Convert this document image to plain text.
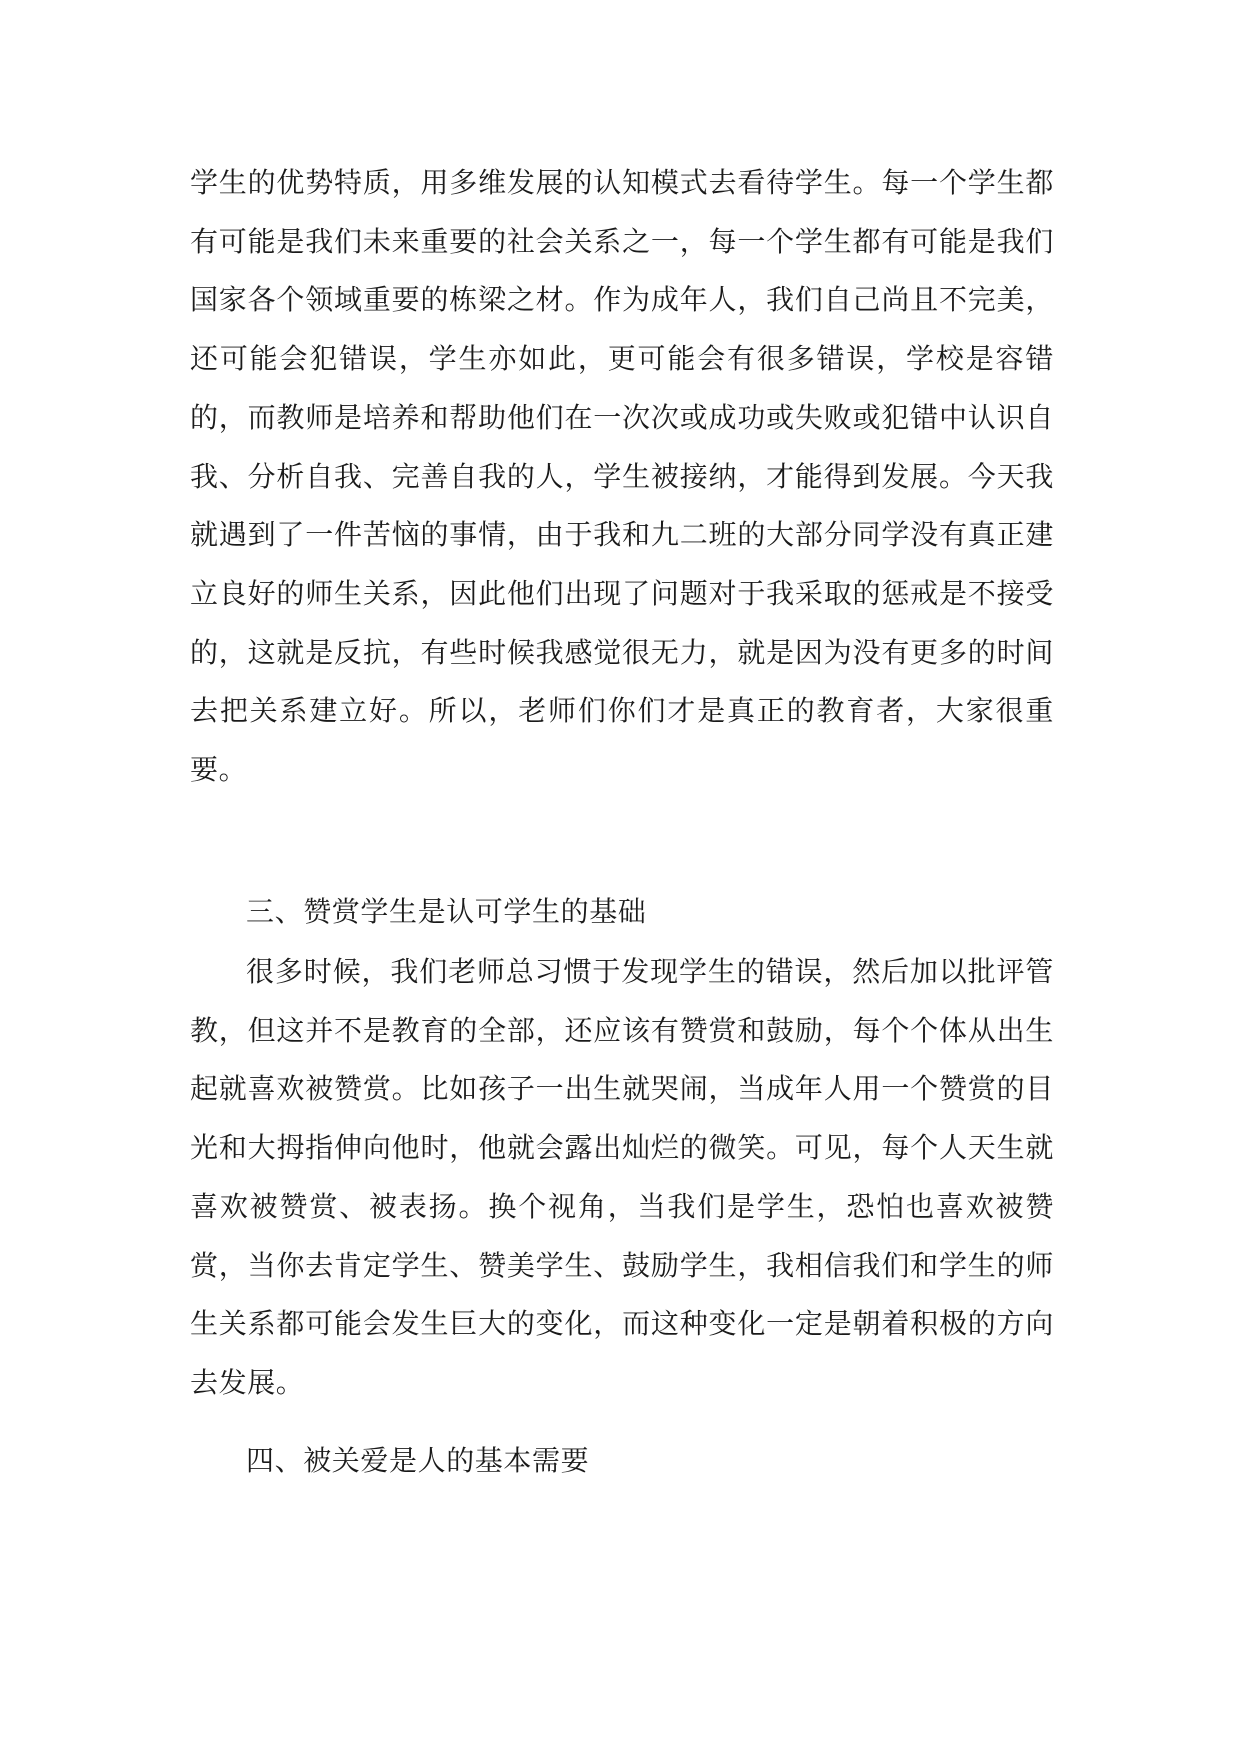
学生的优势特质，用多维发展的认知模式去看待学生。每一个学生都有可能是我们未来重要的社会关系之一，每一个学生都有可能是我们国家各个领域重要的栋梁之材。作为成年人，我们自己尚且不完美，还可能会犯错误，学生亦如此，更可能会有很多错误，学校是容错的，而教师是培养和帮助他们在一次次或成功或失败或犯错中认识自我、分析自我、完善自我的人，学生被接纳，才能得到发展。今天我就遇到了一件苦恼的事情，由于我和九二班的大部分同学没有真正建立良好的师生关系，因此他们出现了问题对于我采取的惩戒是不接受的，这就是反抗，有些时候我感觉很无力，就是因为没有更多的时间去把关系建立好。所以，老师们你们才是真正的教育者，大家很重要。

三、赞赏学生是认可学生的基础

很多时候，我们老师总习惯于发现学生的错误，然后加以批评管教，但这并不是教育的全部，还应该有赞赏和鼓励，每个个体从出生起就喜欢被赞赏。比如孩子一出生就哭闹，当成年人用一个赞赏的目光和大拇指伸向他时，他就会露出灿烂的微笑。可见，每个人天生就喜欢被赞赏、被表扬。换个视角，当我们是学生，恐怕也喜欢被赞赏，当你去肯定学生、赞美学生、鼓励学生，我相信我们和学生的师生关系都可能会发生巨大的变化，而这种变化一定是朝着积极的方向去发展。

四、被关爱是人的基本需要
